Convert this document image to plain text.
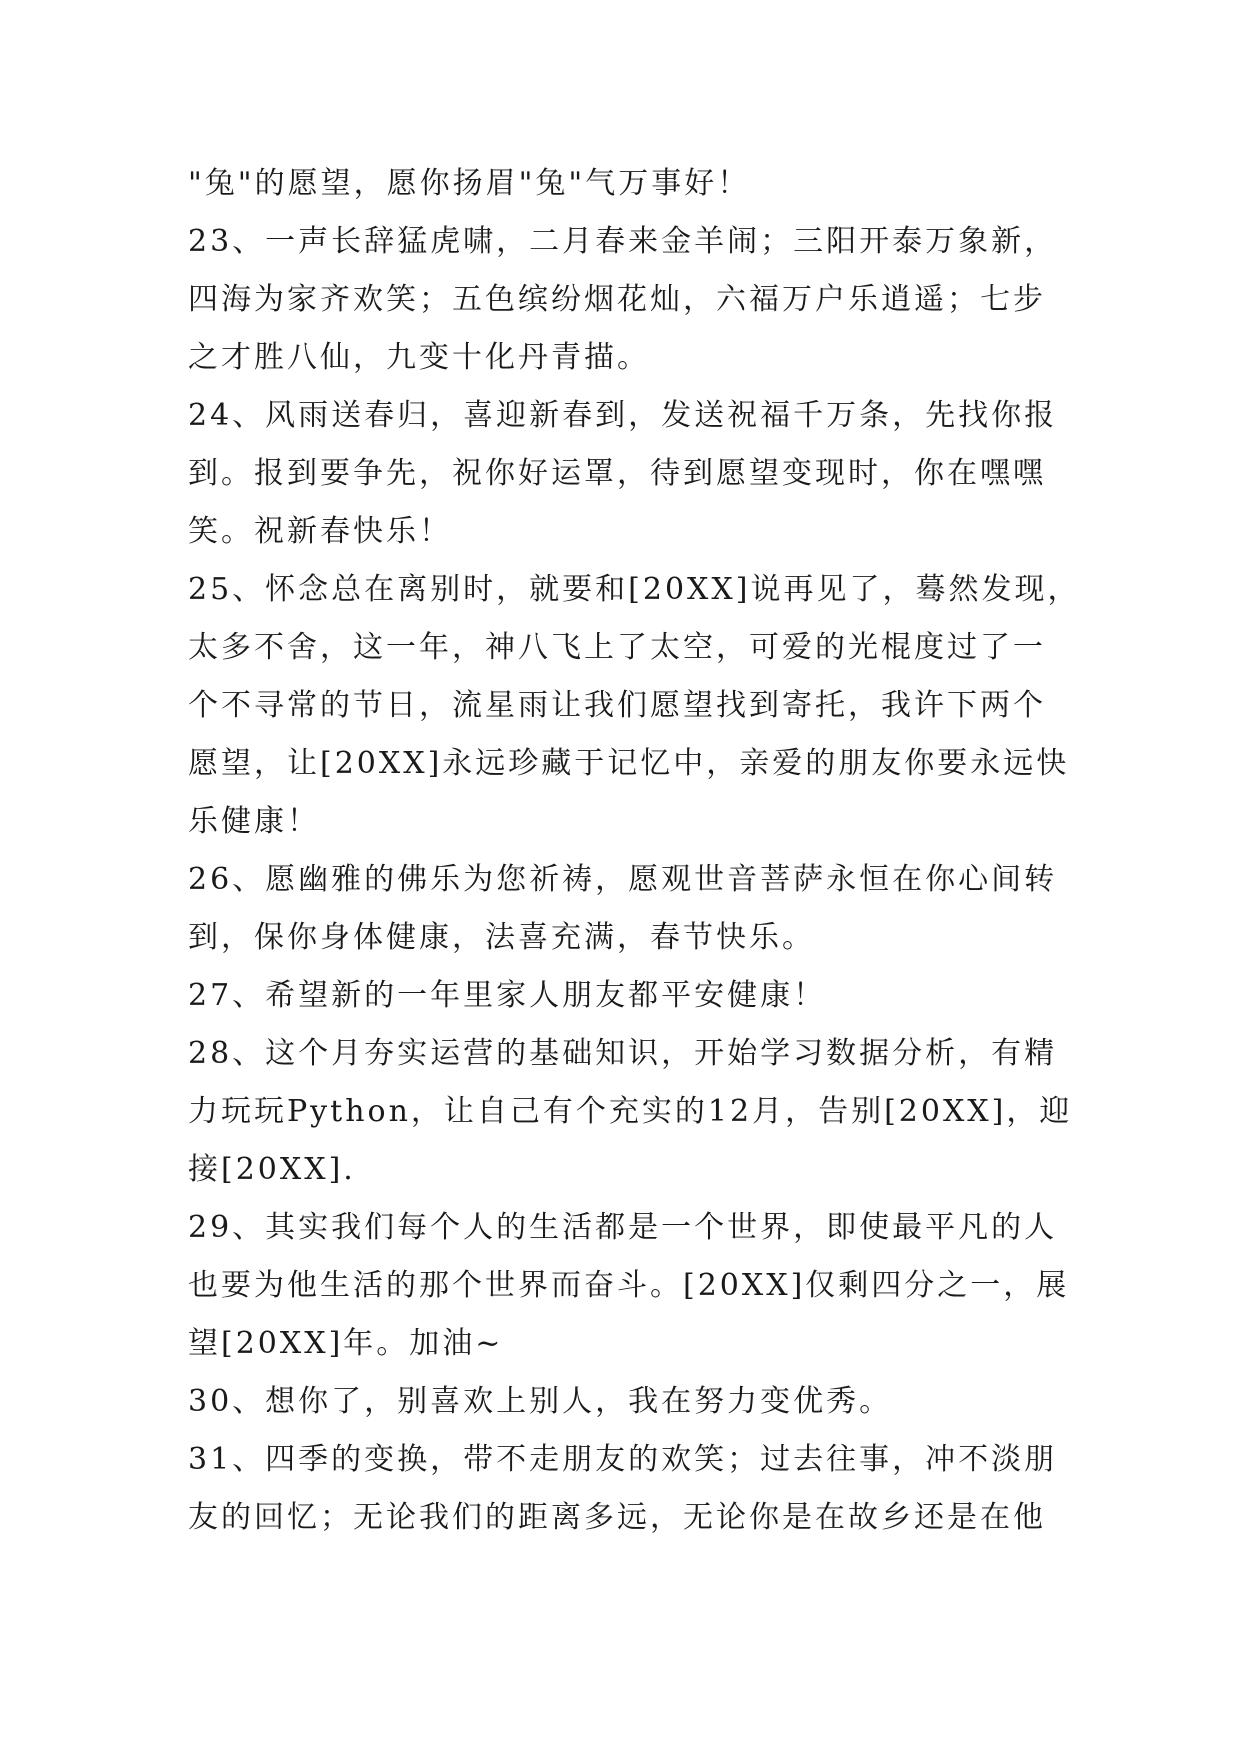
"兔"的愿望，愿你扬眉"兔"气万事好！
23、一声长辞猛虎啸，二月春来金羊闹；三阳开泰万象新，
四海为家齐欢笑；五色缤纷烟花灿，六福万户乐逍遥；七步
之才胜八仙，九变十化丹青描。
24、风雨送春归，喜迎新春到，发送祝福千万条，先找你报
到。报到要争先，祝你好运罩，待到愿望变现时，你在嘿嘿
笑。祝新春快乐！
25、怀念总在离别时，就要和[20XX]说再见了，蓦然发现，
太多不舍，这一年，神八飞上了太空，可爱的光棍度过了一
个不寻常的节日，流星雨让我们愿望找到寄托，我许下两个
愿望，让[20XX]永远珍藏于记忆中，亲爱的朋友你要永远快
乐健康！
26、愿幽雅的佛乐为您祈祷，愿观世音菩萨永恒在你心间转
到，保你身体健康，法喜充满，春节快乐。
27、希望新的一年里家人朋友都平安健康！
28、这个月夯实运营的基础知识，开始学习数据分析，有精
力玩玩Python，让自己有个充实的12月，告别[20XX]，迎
接[20XX].
29、其实我们每个人的生活都是一个世界，即使最平凡的人
也要为他生活的那个世界而奋斗。[20XX]仅剩四分之一，展
望[20XX]年。加油~
30、想你了，别喜欢上别人，我在努力变优秀。
31、四季的变换，带不走朋友的欢笑；过去往事，冲不淡朋
友的回忆；无论我们的距离多远，无论你是在故乡还是在他
